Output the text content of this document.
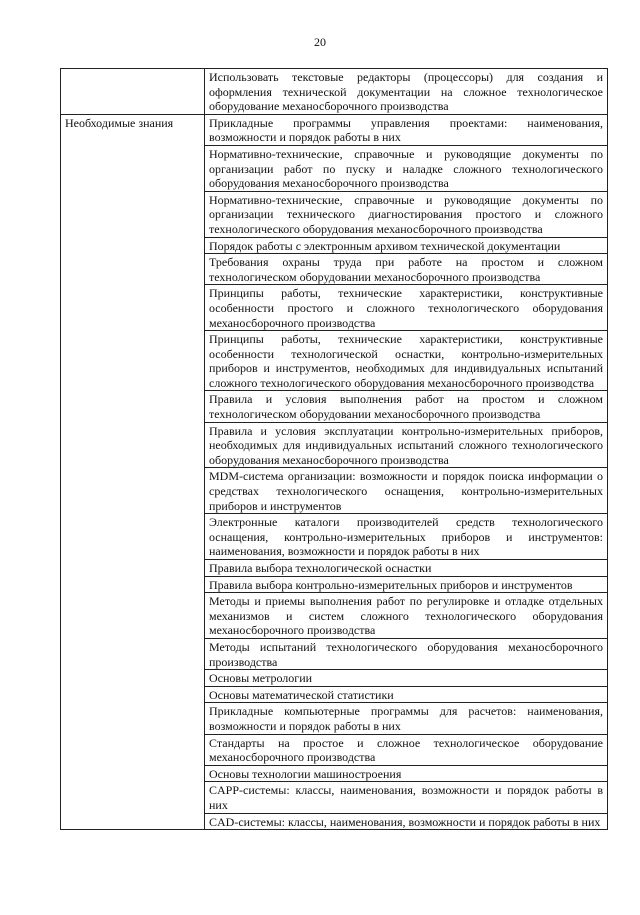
20
	Использовать текстовые редакторы (процессоры) для создания и оформления технической документации на сложное технологическое оборудование механосборочного производства
Необходимые знания	Прикладные программы управления проектами: наименования, возможности и порядок работы в них
	Нормативно-технические, справочные и руководящие документы по организации работ по пуску и наладке сложного технологического оборудования механосборочного производства
	Нормативно-технические, справочные и руководящие документы по организации технического диагностирования простого и сложного технологического оборудования механосборочного производства
	Порядок работы с электронным архивом технической документации
	Требования охраны труда при работе на простом и сложном технологическом оборудовании механосборочного производства
	Принципы работы, технические характеристики, конструктивные особенности простого и сложного технологического оборудования механосборочного производства
	Принципы работы, технические характеристики, конструктивные особенности технологической оснастки, контрольно-измерительных приборов и инструментов, необходимых для индивидуальных испытаний сложного технологического оборудования механосборочного производства
	Правила и условия выполнения работ на простом и сложном технологическом оборудовании механосборочного производства
	Правила и условия эксплуатации контрольно-измерительных приборов, необходимых для индивидуальных испытаний сложного технологического оборудования механосборочного производства
	MDM-система организации: возможности и порядок поиска информации о средствах технологического оснащения, контрольно-измерительных приборов и инструментов
	Электронные каталоги производителей средств технологического оснащения, контрольно-измерительных приборов и инструментов: наименования, возможности и порядок работы в них
	Правила выбора технологической оснастки
	Правила выбора контрольно-измерительных приборов и инструментов
	Методы и приемы выполнения работ по регулировке и отладке отдельных механизмов и систем сложного технологического оборудования механосборочного производства
	Методы испытаний технологического оборудования механосборочного производства
	Основы метрологии
	Основы математической статистики
	Прикладные компьютерные программы для расчетов: наименования, возможности и порядок работы в них
	Стандарты на простое и сложное технологическое оборудование механосборочного производства
	Основы технологии машиностроения
	CAPP-системы: классы, наименования, возможности и порядок работы в них
	CAD-системы: классы, наименования, возможности и порядок работы в них
